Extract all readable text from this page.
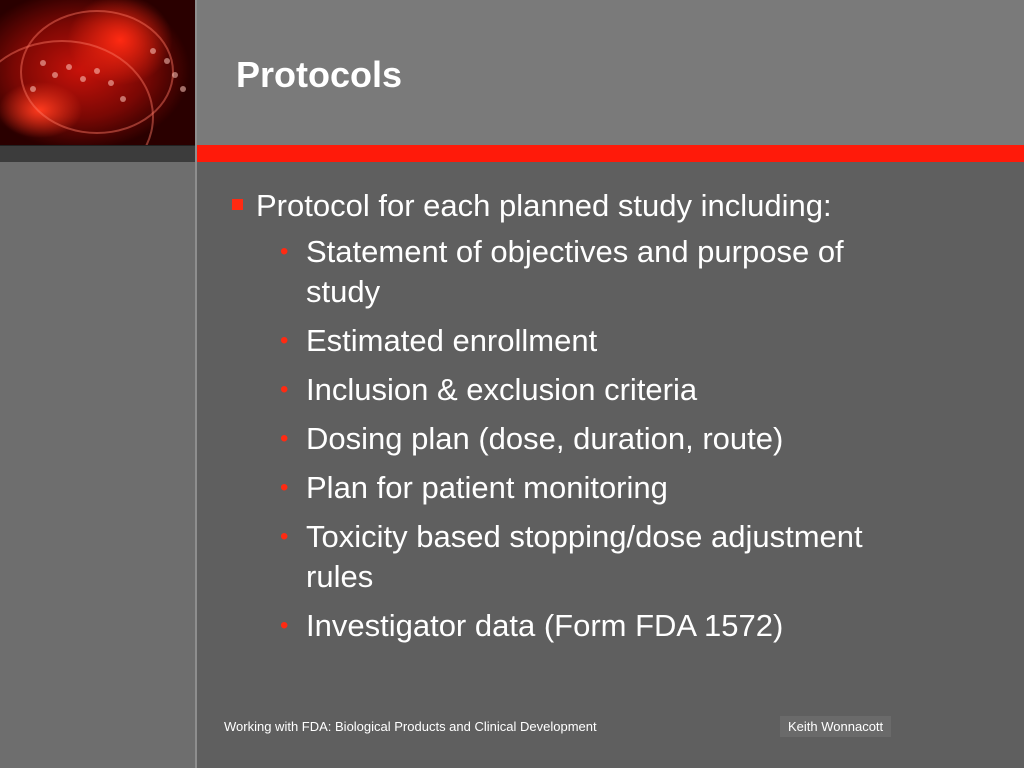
Protocols
Protocol for each planned study including:
• Statement of objectives and purpose of study
• Estimated enrollment
• Inclusion & exclusion criteria
• Dosing plan (dose, duration, route)
• Plan for patient monitoring
• Toxicity based stopping/dose adjustment rules
• Investigator data (Form FDA 1572)
Working with FDA: Biological Products and Clinical Development	Keith Wonnacott
